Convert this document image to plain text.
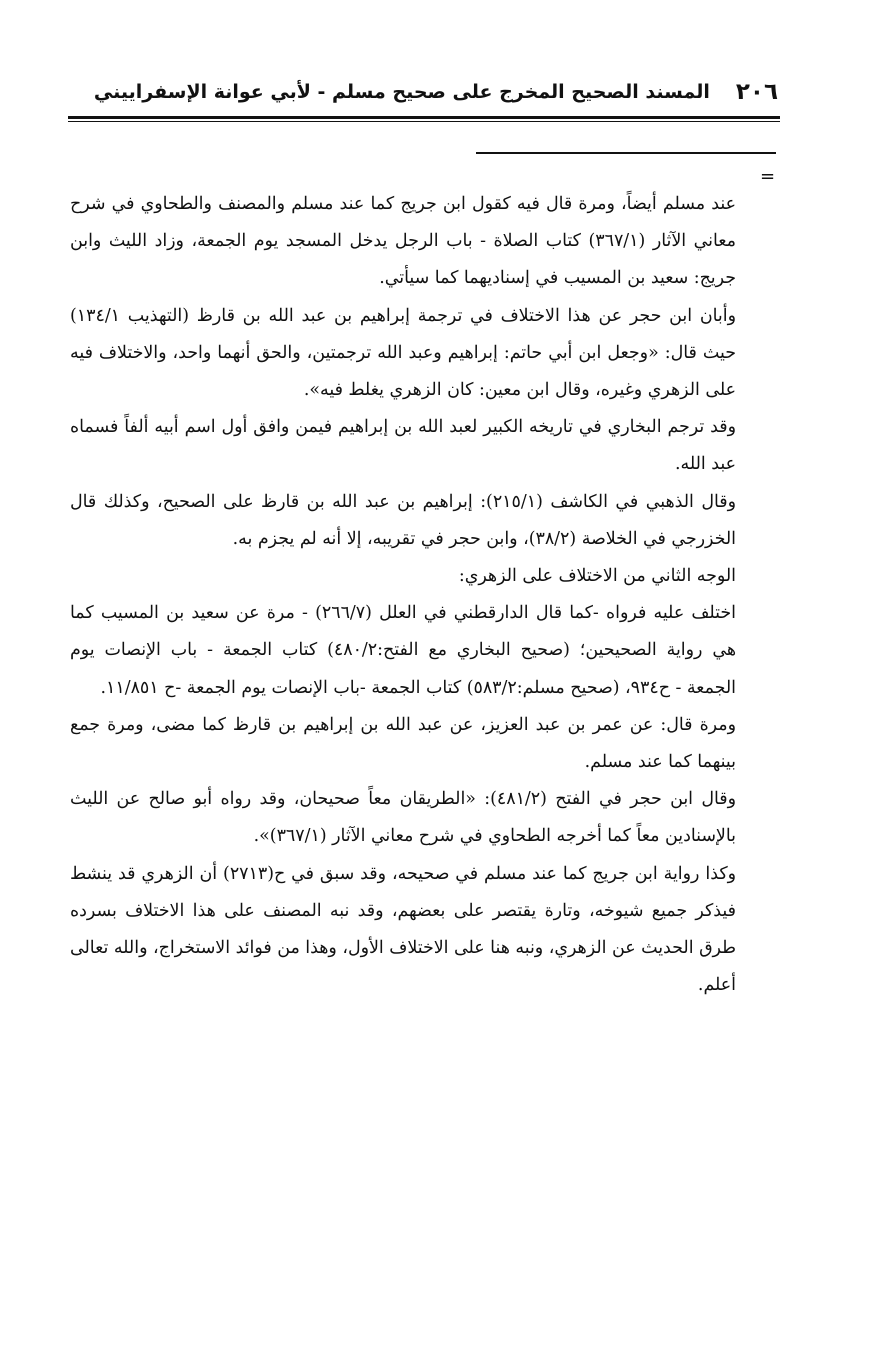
٢٠٦
المسند الصحيح المخرج على صحيح مسلم - لأبي عوانة الإسفراييني
=

عند مسلم أيضاً، ومرة قال فيه كقول ابن جريج كما عند مسلم والمصنف والطحاوي في شرح معاني الآثار (٣٦٧/١) كتاب الصلاة - باب الرجل يدخل المسجد يوم الجمعة، وزاد الليث وابن جريج: سعيد بن المسيب في إسناديهما كما سيأتي.

وأبان ابن حجر عن هذا الاختلاف في ترجمة إبراهيم بن عبد الله بن قارظ (التهذيب ١٣٤/١) حيث قال: «وجعل ابن أبي حاتم: إبراهيم وعبد الله ترجمتين، والحق أنهما واحد، والاختلاف فيه على الزهري وغيره، وقال ابن معين: كان الزهري يغلط فيه».

وقد ترجم البخاري في تاريخه الكبير لعبد الله بن إبراهيم فيمن وافق أول اسم أبيه ألفاً فسماه عبد الله.

وقال الذهبي في الكاشف (٢١٥/١): إبراهيم بن عبد الله بن قارظ على الصحيح، وكذلك قال الخزرجي في الخلاصة (٣٨/٢)، وابن حجر في تقريبه، إلا أنه لم يجزم به.

الوجه الثاني من الاختلاف على الزهري:

اختلف عليه فرواه -كما قال الدارقطني في العلل (٢٦٦/٧) - مرة عن سعيد بن المسيب كما هي رواية الصحيحين؛ (صحيح البخاري مع الفتح:٤٨٠/٢) كتاب الجمعة - باب الإنصات يوم الجمعة - ح٩٣٤، (صحيح مسلم:٥٨٣/٢) كتاب الجمعة -باب الإنصات يوم الجمعة -ح ١١/٨٥١.

ومرة قال: عن عمر بن عبد العزيز، عن عبد الله بن إبراهيم بن قارظ كما مضى، ومرة جمع بينهما كما عند مسلم.

وقال ابن حجر في الفتح (٤٨١/٢): «الطريقان معاً صحيحان، وقد رواه أبو صالح عن الليث بالإسنادين معاً كما أخرجه الطحاوي في شرح معاني الآثار (٣٦٧/١)».

وكذا رواية ابن جريج كما عند مسلم في صحيحه، وقد سبق في ح(٢٧١٣) أن الزهري قد ينشط فيذكر جميع شيوخه، وتارة يقتصر على بعضهم، وقد نبه المصنف على هذا الاختلاف بسرده طرق الحديث عن الزهري، ونبه هنا على الاختلاف الأول، وهذا من فوائد الاستخراج، والله تعالى أعلم.
